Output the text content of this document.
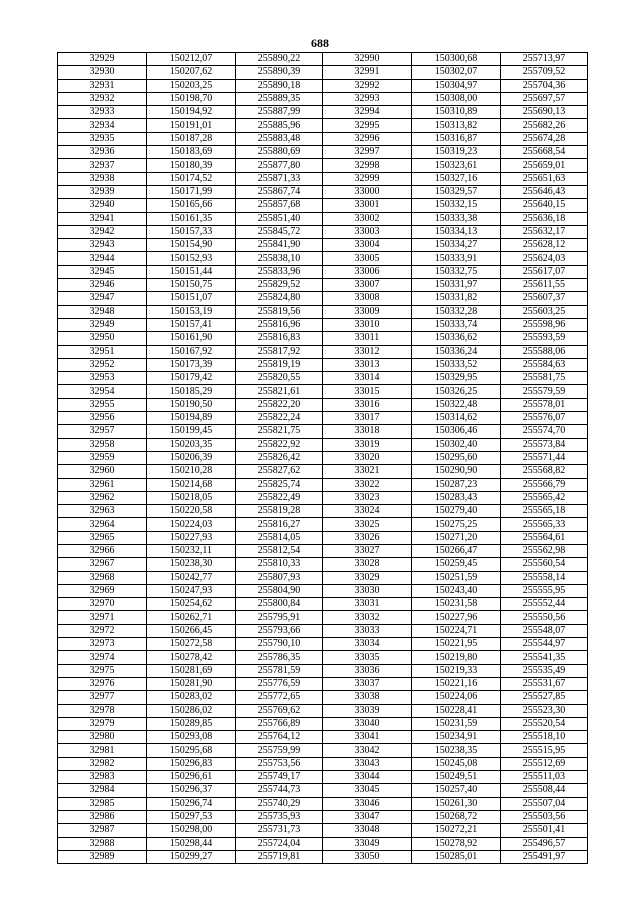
688
32929	150212,07	255890,22	32990	150300,68	255713,97
32930	150207,62	255890,39	32991	150302,07	255709,52
32931	150203,25	255890,18	32992	150304,97	255704,36
32932	150198,70	255889,35	32993	150308,00	255697,57
32933	150194,92	255887,99	32994	150310,89	255690,13
32934	150191,01	255885,96	32995	150313,82	255682,26
32935	150187,28	255883,48	32996	150316,87	255674,28
32936	150183,69	255880,69	32997	150319,23	255668,54
32937	150180,39	255877,80	32998	150323,61	255659,01
32938	150174,52	255871,33	32999	150327,16	255651,63
32939	150171,99	255867,74	33000	150329,57	255646,43
32940	150165,66	255857,68	33001	150332,15	255640,15
32941	150161,35	255851,40	33002	150333,38	255636,18
32942	150157,33	255845,72	33003	150334,13	255632,17
32943	150154,90	255841,90	33004	150334,27	255628,12
32944	150152,93	255838,10	33005	150333,91	255624,03
32945	150151,44	255833,96	33006	150332,75	255617,07
32946	150150,75	255829,52	33007	150331,97	255611,55
32947	150151,07	255824,80	33008	150331,82	255607,37
32948	150153,19	255819,56	33009	150332,28	255603,25
32949	150157,41	255816,96	33010	150333,74	255598,96
32950	150161,90	255816,83	33011	150336,62	255593,59
32951	150167,92	255817,92	33012	150336,24	255588,06
32952	150173,39	255819,19	33013	150333,52	255584,63
32953	150179,42	255820,55	33014	150329,95	255581,75
32954	150185,29	255821,61	33015	150326,25	255579,59
32955	150190,50	255822,20	33016	150322,48	255578,01
32956	150194,89	255822,24	33017	150314,62	255576,07
32957	150199,45	255821,75	33018	150306,46	255574,70
32958	150203,35	255822,92	33019	150302,40	255573,84
32959	150206,39	255826,42	33020	150295,60	255571,44
32960	150210,28	255827,62	33021	150290,90	255568,82
32961	150214,68	255825,74	33022	150287,23	255566,79
32962	150218,05	255822,49	33023	150283,43	255565,42
32963	150220,58	255819,28	33024	150279,40	255565,18
32964	150224,03	255816,27	33025	150275,25	255565,33
32965	150227,93	255814,05	33026	150271,20	255564,61
32966	150232,11	255812,54	33027	150266,47	255562,98
32967	150238,30	255810,33	33028	150259,45	255560,54
32968	150242,77	255807,93	33029	150251,59	255558,14
32969	150247,93	255804,90	33030	150243,40	255555,95
32970	150254,62	255800,84	33031	150231,58	255552,44
32971	150262,71	255795,91	33032	150227,96	255550,56
32972	150266,45	255793,66	33033	150224,71	255548,07
32973	150272,58	255790,10	33034	150221,95	255544,97
32974	150278,42	255786,35	33035	150219,80	255541,35
32975	150281,69	255781,59	33036	150219,33	255535,49
32976	150281,90	255776,59	33037	150221,16	255531,67
32977	150283,02	255772,65	33038	150224,06	255527,85
32978	150286,02	255769,62	33039	150228,41	255523,30
32979	150289,85	255766,89	33040	150231,59	255520,54
32980	150293,08	255764,12	33041	150234,91	255518,10
32981	150295,68	255759,99	33042	150238,35	255515,95
32982	150296,83	255753,56	33043	150245,08	255512,69
32983	150296,61	255749,17	33044	150249,51	255511,03
32984	150296,37	255744,73	33045	150257,40	255508,44
32985	150296,74	255740,29	33046	150261,30	255507,04
32986	150297,53	255735,93	33047	150268,72	255503,56
32987	150298,00	255731,73	33048	150272,21	255501,41
32988	150298,44	255724,04	33049	150278,92	255496,57
32989	150299,27	255719,81	33050	150285,01	255491,97
